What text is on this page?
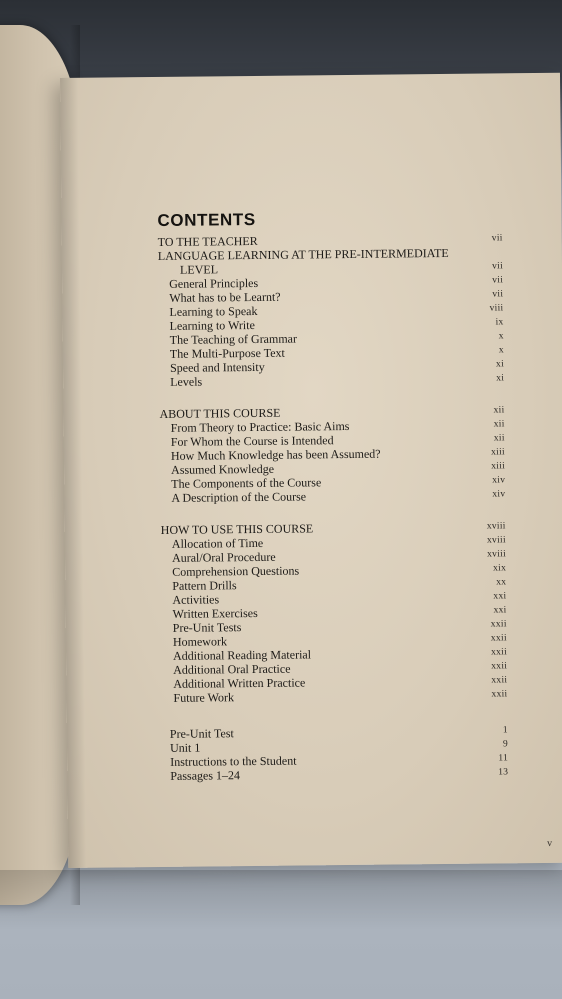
CONTENTS
TO THE TEACHER	vii
LANGUAGE LEARNING AT THE PRE-INTERMEDIATE
LEVEL	vii
General Principles	vii
What has to be Learnt?	vii
Learning to Speak	viii
Learning to Write	ix
The Teaching of Grammar	x
The Multi-Purpose Text	x
Speed and Intensity	xi
Levels	xi
ABOUT THIS COURSE	xii
From Theory to Practice: Basic Aims	xii
For Whom the Course is Intended	xii
How Much Knowledge has been Assumed?	xiii
Assumed Knowledge	xiii
The Components of the Course	xiv
A Description of the Course	xiv
HOW TO USE THIS COURSE	xviii
Allocation of Time	xviii
Aural/Oral Procedure	xviii
Comprehension Questions	xix
Pattern Drills	xx
Activities	xxi
Written Exercises	xxi
Pre-Unit Tests	xxii
Homework	xxii
Additional Reading Material	xxii
Additional Oral Practice	xxii
Additional Written Practice	xxii
Future Work	xxii
Pre-Unit Test	1
Unit 1	9
Instructions to the Student	11
Passages 1–24	13
v
